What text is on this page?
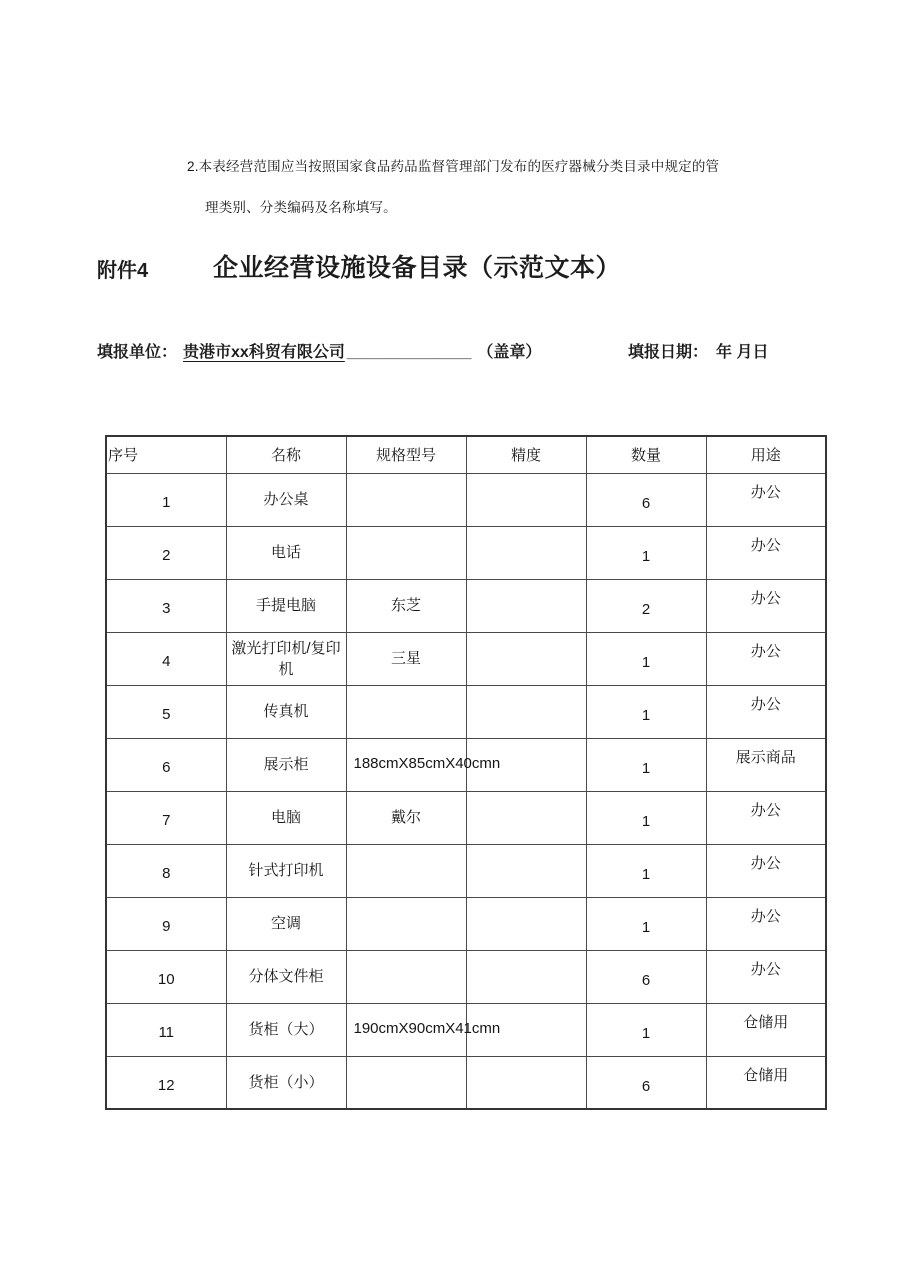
2.本表经营范围应当按照国家食品药品监督管理部门发布的医疗器械分类目录中规定的管
理类别、分类编码及名称填写。
附件4	企业经营设施设备目录（示范文本）
填报单位： 贵港市xx科贸有限公司 ______________ （盖章）	填报日期： 年 月日
序号	名称	规格型号	精度	数量	用途
1	办公桌			6	办公
2	电话			1	办公
3	手提电脑	东芝		2	办公
4	激光打印机/复印机	三星		1	办公
5	传真机			1	办公
6	展示柜	188cmX85cmX40cmn		1	展示商品
7	电脑	戴尔		1	办公
8	针式打印机			1	办公
9	空调			1	办公
10	分体文件柜			6	办公
11	货柜（大）	190cmX90cmX41cmn		1	仓储用
12	货柜（小）			6	仓储用
